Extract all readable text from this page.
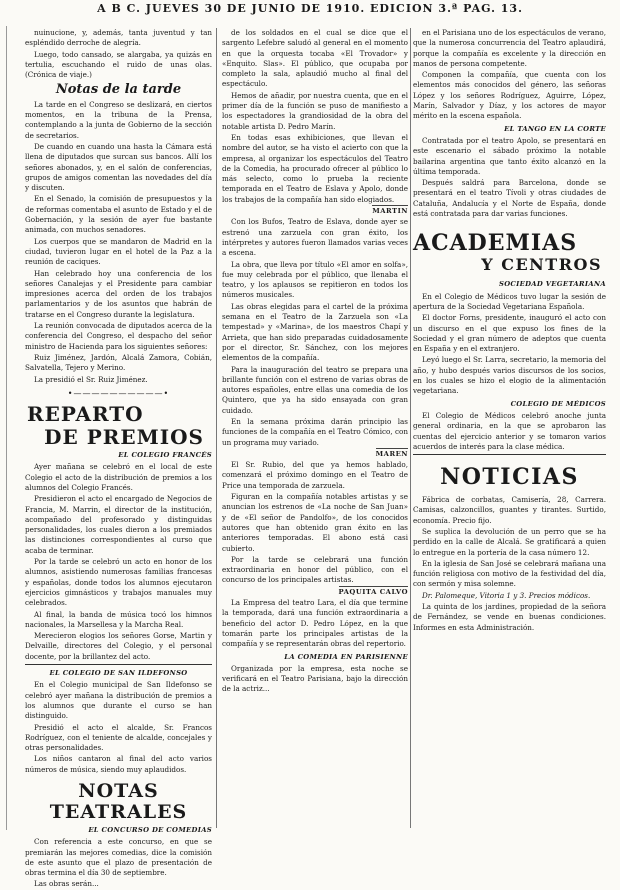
A B C. JUEVES 30 DE JUNIO DE 1910. EDICION 3.ª PAG. 13.

nuinucione, y, además, tanta juventud y tan espléndido derroche de alegría.

Luego, todo cansado, se alargaba, ya quizás en tertulia, escuchando el ruido de unas olas. (Crónica de viaje.)

Notas de la tarde

La tarde en el Congreso se deslizará, en ciertos momentos, en la tribuna de la Prensa, contemplando a la junta de Gobierno de la sección de secretarios.

De cuando en cuando una hasta la Cámara está llena de diputados que surcan sus bancos. Allí los señores abonados, y, en el salón de conferencias, grupos de amigos comentan las novedades del día y discuten.

En el Senado, la comisión de presupuestos y la de reformas comentaba el asunto de Estado y el de Gobernación, y la sesión de ayer fue bastante animada, con muchos senadores.

Los cuerpos que se mandaron de Madrid en la ciudad, tuvieron lugar en el hotel de la Paz a la reunión de caciques.

Han celebrado hoy una conferencia de los señores Canalejas y el Presidente para cambiar impresiones acerca del orden de los trabajos parlamentarios y de los asuntos que habrán de tratarse en el Congreso durante la legislatura.

La reunión convocada de diputados acerca de la conferencia del Congreso, el despacho del señor ministro de Hacienda para los siguientes señores:

Ruiz Jiménez, Jardón, Alcalá Zamora, Cobián, Salvatella, Tejero y Merino.

La presidió el Sr. Ruiz Jiménez.

•——————————•
REPARTO
DE PREMIOS
EL COLEGIO FRANCÉS

Ayer mañana se celebró en el local de este Colegio el acto de la distribución de premios a los alumnos del Colegio Francés.

Presidieron el acto el encargado de Negocios de Francia, M. Marrin, el director de la institución, acompañado del profesorado y distinguidas personalidades, los cuales dieron a los premiados las distinciones correspondientes al curso que acaba de terminar.

Por la tarde se celebró un acto en honor de los alumnos, asistiendo numerosas familias francesas y españolas, donde todos los alumnos ejecutaron ejercicios gimnásticos y trabajos manuales muy celebrados.

Al final, la banda de música tocó los himnos nacionales, la Marsellesa y la Marcha Real.

Merecieron elogios los señores Gorse, Martin y Delvaille, directores del Colegio, y el personal docente, por la brillantez del acto.

EL COLEGIO DE SAN ILDEFONSO

En el Colegio municipal de San Ildefonso se celebró ayer mañana la distribución de premios a los alumnos que durante el curso se han distinguido.

Presidió el acto el alcalde, Sr. Francos Rodríguez, con el teniente de alcalde, concejales y otras personalidades.

Los niños cantaron al final del acto varios números de música, siendo muy aplaudidos.

NOTAS TEATRALES
EL CONCURSO DE COMEDIAS

Con referencia a este concurso, en que se premiarán las mejores comedias, dice la comisión de este asunto que el plazo de presentación de obras termina el día 30 de septiembre.

Las obras serán...

de los soldados en el cual se dice que el sargento Lefebre saludó al general en el momento en que la orquesta tocaba «El Trovador» y «Enquito. Slas». El público, que ocupaba por completo la sala, aplaudió mucho al final del espectáculo.

Hemos de añadir, por nuestra cuenta, que en el primer día de la función se puso de manifiesto a los espectadores la grandiosidad de la obra del notable artista D. Pedro Marín.

En todas esas exhibiciones, que llevan el nombre del autor, se ha visto el acierto con que la empresa, al organizar los espectáculos del Teatro de la Comedia, ha procurado ofrecer al público lo más selecto, como lo prueba la reciente temporada en el Teatro de Eslava y Apolo, donde los trabajos de la compañía han sido elogiados.

MARTIN

Con los Bufos, Teatro de Eslava, donde ayer se estrenó una zarzuela con gran éxito, los intérpretes y autores fueron llamados varias veces a escena.

La obra, que lleva por título «El amor en solfa», fue muy celebrada por el público, que llenaba el teatro, y los aplausos se repitieron en todos los números musicales.

Las obras elegidas para el cartel de la próxima semana en el Teatro de la Zarzuela son «La tempestad» y «Marina», de los maestros Chapí y Arrieta, que han sido preparadas cuidadosamente por el director, Sr. Sánchez, con los mejores elementos de la compañía.

Para la inauguración del teatro se prepara una brillante función con el estreno de varias obras de autores españoles, entre ellas una comedia de los Quintero, que ya ha sido ensayada con gran cuidado.

En la semana próxima darán principio las funciones de la compañía en el Teatro Cómico, con un programa muy variado.

MAREN

El Sr. Rubio, del que ya hemos hablado, comenzará el próximo domingo en el Teatro de Price una temporada de zarzuela.

Figuran en la compañía notables artistas y se anuncian los estrenos de «La noche de San Juan» y de «El señor de Pandolfo», de los conocidos autores que han obtenido gran éxito en las anteriores temporadas. El abono está casi cubierto.

Por la tarde se celebrará una función extraordinaria en honor del público, con el concurso de los principales artistas.

PAQUITA CALVO

La Empresa del teatro Lara, el día que termine la temporada, dará una función extraordinaria a beneficio del actor D. Pedro López, en la que tomarán parte los principales artistas de la compañía y se representarán obras del repertorio.

LA COMEDIA EN PARISIENNE

Organizada por la empresa, esta noche se verificará en el Teatro Parisiana, bajo la dirección de la actriz...

en el Parisiana uno de los espectáculos de verano, que la numerosa concurrencia del Teatro aplaudirá, porque la compañía es excelente y la dirección en manos de persona competente.

Componen la compañía, que cuenta con los elementos más conocidos del género, las señoras López y los señores Rodríguez, Aguirre, López, Marín, Salvador y Díaz, y los actores de mayor mérito en la escena española.

EL TANGO EN LA CORTE

Contratada por el teatro Apolo, se presentará en este escenario el sábado próximo la notable bailarina argentina que tanto éxito alcanzó en la última temporada.

Después saldrá para Barcelona, donde se presentará en el teatro Tívoli y otras ciudades de Cataluña, Andalucía y el Norte de España, donde está contratada para dar varias funciones.

ACADEMIAS
Y CENTROS
SOCIEDAD VEGETARIANA

En el Colegio de Médicos tuvo lugar la sesión de apertura de la Sociedad Vegetariana Española.

El doctor Forns, presidente, inauguró el acto con un discurso en el que expuso los fines de la Sociedad y el gran número de adeptos que cuenta en España y en el extranjero.

Leyó luego el Sr. Larra, secretario, la memoria del año, y hubo después varios discursos de los socios, en los cuales se hizo el elogio de la alimentación vegetariana.

COLEGIO DE MÉDICOS

El Colegio de Médicos celebró anoche junta general ordinaria, en la que se aprobaron las cuentas del ejercicio anterior y se tomaron varios acuerdos de interés para la clase médica.

NOTICIAS

Fábrica de corbatas, Camisería, 28, Carrera. Camisas, calzoncillos, guantes y tirantes. Surtido, economía. Precio fijo.

Se suplica la devolución de un perro que se ha perdido en la calle de Alcalá. Se gratificará a quien lo entregue en la portería de la casa número 12.

En la iglesia de San José se celebrará mañana una función religiosa con motivo de la festividad del día, con sermón y misa solemne.

Dr. Palomeque, Vitoria 1 y 3. Precios módicos.

La quinta de los jardines, propiedad de la señora de Fernández, se vende en buenas condiciones. Informes en esta Administración.
